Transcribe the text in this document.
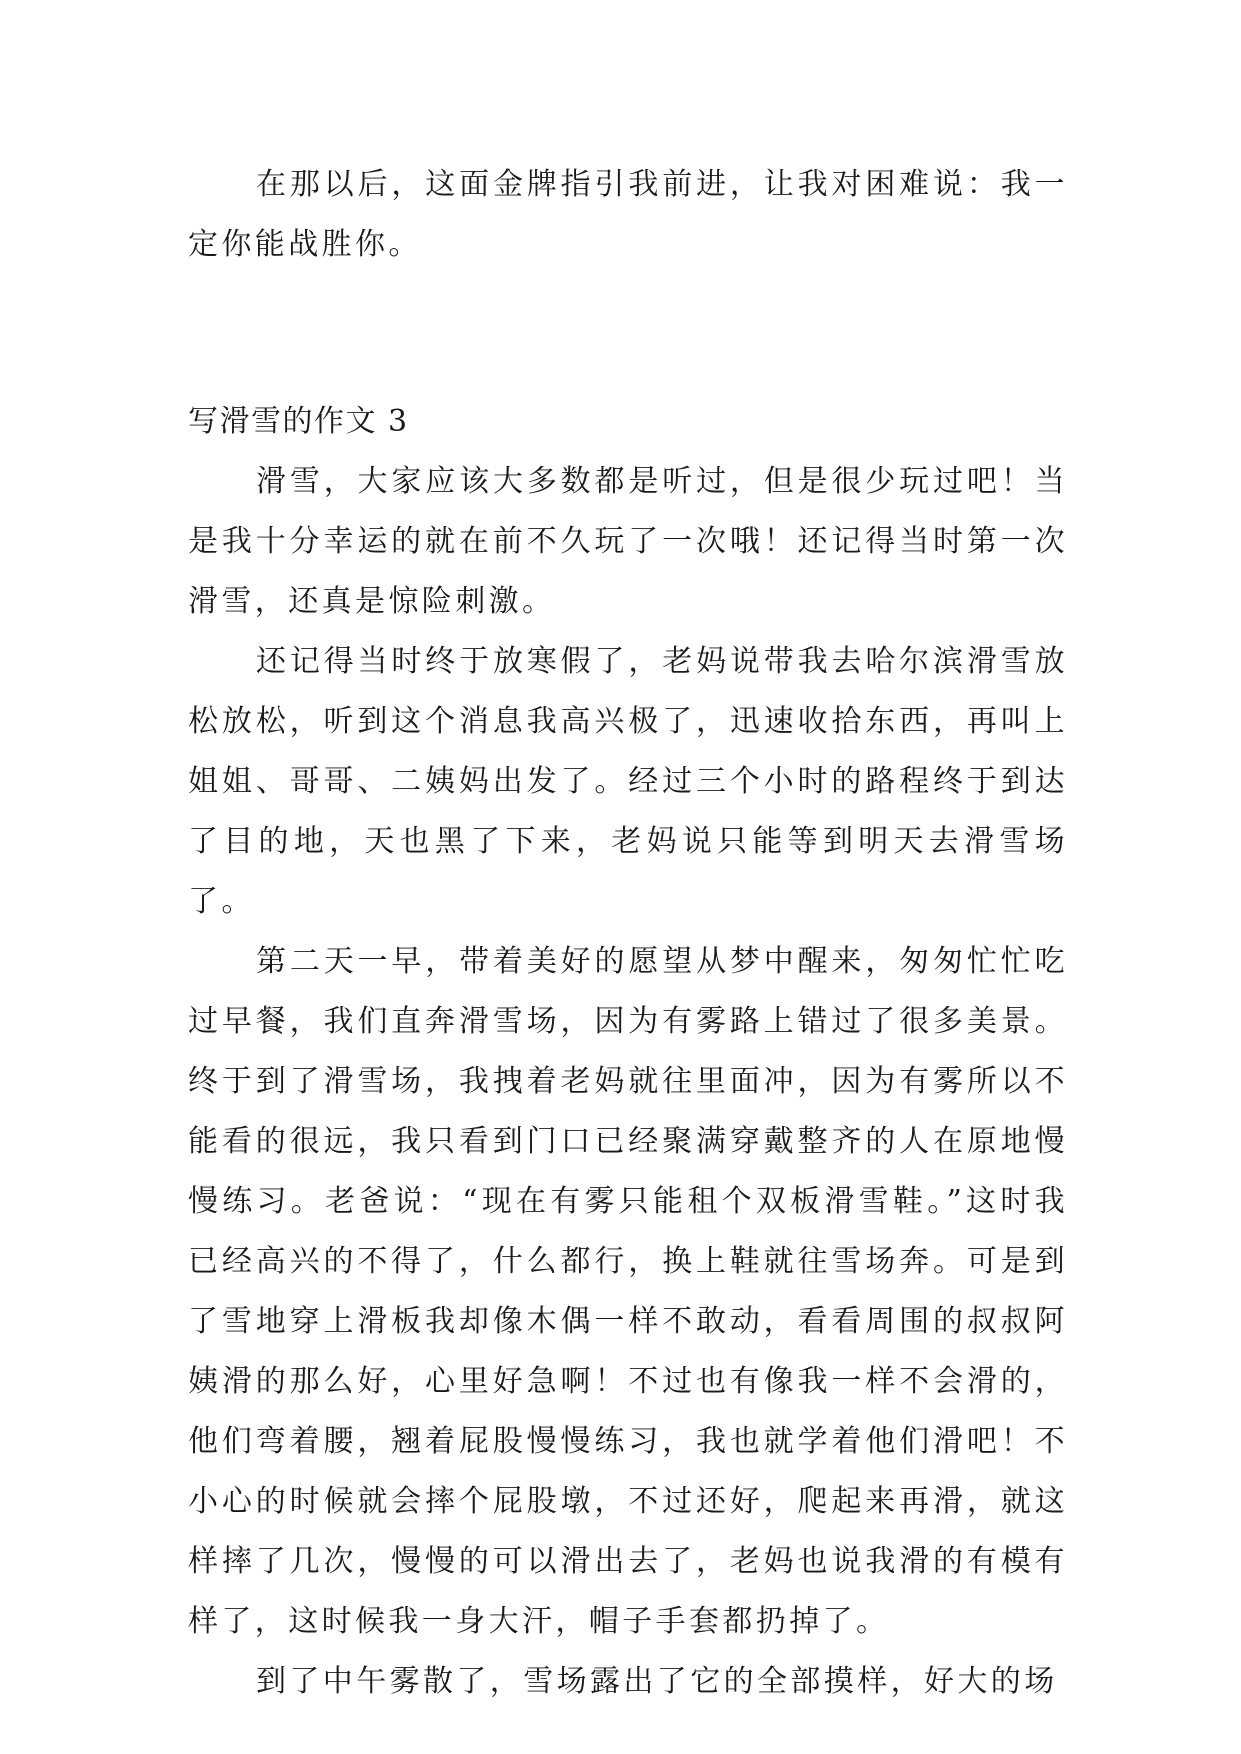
在那以后，这面金牌指引我前进，让我对困难说：我一定你能战胜你。

写滑雪的作文 3

滑雪，大家应该大多数都是听过，但是很少玩过吧！当是我十分幸运的就在前不久玩了一次哦！还记得当时第一次滑雪，还真是惊险刺激。

还记得当时终于放寒假了，老妈说带我去哈尔滨滑雪放松放松，听到这个消息我高兴极了，迅速收拾东西，再叫上姐姐、哥哥、二姨妈出发了。经过三个小时的路程终于到达了目的地，天也黑了下来，老妈说只能等到明天去滑雪场了。

第二天一早，带着美好的愿望从梦中醒来，匆匆忙忙吃过早餐，我们直奔滑雪场，因为有雾路上错过了很多美景。终于到了滑雪场，我拽着老妈就往里面冲，因为有雾所以不能看的很远，我只看到门口已经聚满穿戴整齐的人在原地慢慢练习。老爸说：“现在有雾只能租个双板滑雪鞋。”这时我已经高兴的不得了，什么都行，换上鞋就往雪场奔。可是到了雪地穿上滑板我却像木偶一样不敢动，看看周围的叔叔阿姨滑的那么好，心里好急啊！不过也有像我一样不会滑的，他们弯着腰，翘着屁股慢慢练习，我也就学着他们滑吧！不小心的时候就会摔个屁股墩，不过还好，爬起来再滑，就这样摔了几次，慢慢的可以滑出去了，老妈也说我滑的有模有样了，这时候我一身大汗，帽子手套都扔掉了。

到了中午雾散了，雪场露出了它的全部摸样，好大的场
